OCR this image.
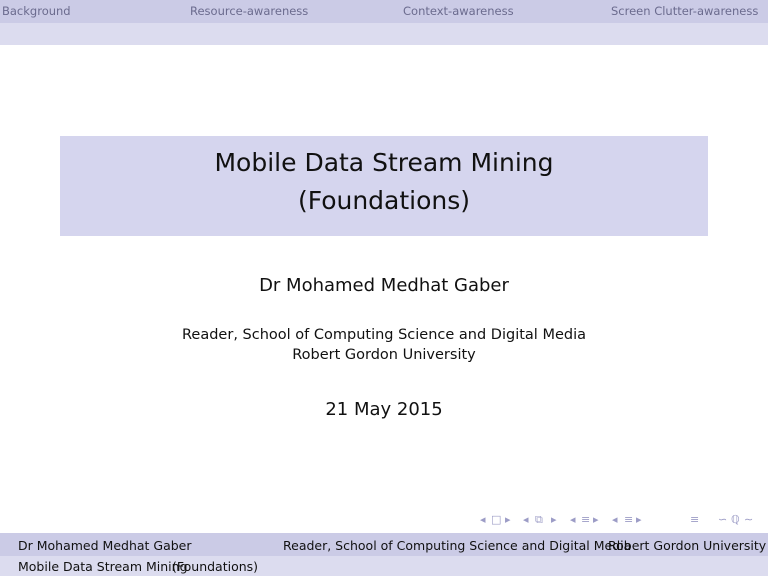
Background	Resource-awareness	Context-awareness	Screen Clutter-awareness
Mobile Data Stream Mining
(Foundations)
Dr Mohamed Medhat Gaber
Reader, School of Computing Science and Digital Media
Robert Gordon University
21 May 2015
◂ □ ▸ ◂ ⧉ ▸ ◂ ≡ ▸ ◂ ≡ ▸	≡ ∽ ℚ ∼
Dr Mohamed Medhat Gaber	Reader, School of Computing Science and Digital Media
Robert Gordon University
Mobile Data Stream Mining
(Foundations)
